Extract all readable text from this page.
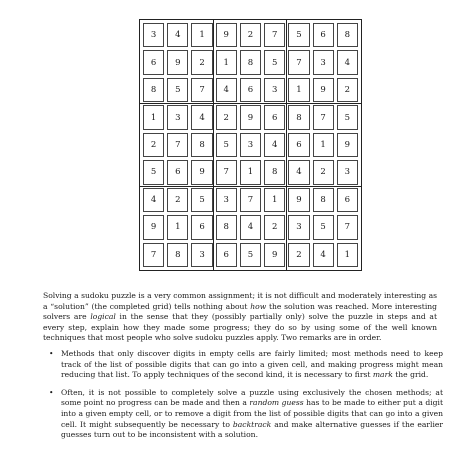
3	4	1	9	2	7	5	6	8
6	9	2	1	8	5	7	3	4
8	5	7	4	6	3	1	9	2
1	3	4	2	9	6	8	7	5
2	7	8	5	3	4	6	1	9
5	6	9	7	1	8	4	2	3
4	2	5	3	7	1	9	8	6
9	1	6	8	4	2	3	5	7
7	8	3	6	5	9	2	4	1
Solving a sudoku puzzle is a very common assignment; it is not difficult and moderately interesting as a “solution” (the completed grid) tells nothing about how the solution was reached. More interesting solvers are logical in the sense that they (possibly partially only) solve the puzzle in steps and at every step, explain how they made some progress; they do so by using some of the well known techniques that most people who solve sudoku puzzles apply. Two remarks are in order.
• Methods that only discover digits in empty cells are fairly limited; most methods need to keep track of the list of possible digits that can go into a given cell, and making progress might mean reducing that list. To apply techniques of the second kind, it is necessary to first mark the grid.
• Often, it is not possible to completely solve a puzzle using exclusively the chosen methods; at some point no progress can be made and then a random guess has to be made to either put a digit into a given empty cell, or to remove a digit from the list of possible digits that can go into a given cell. It might subsequently be necessary to backtrack and make alternative guesses if the earlier guesses turn out to be inconsistent with a solution.
